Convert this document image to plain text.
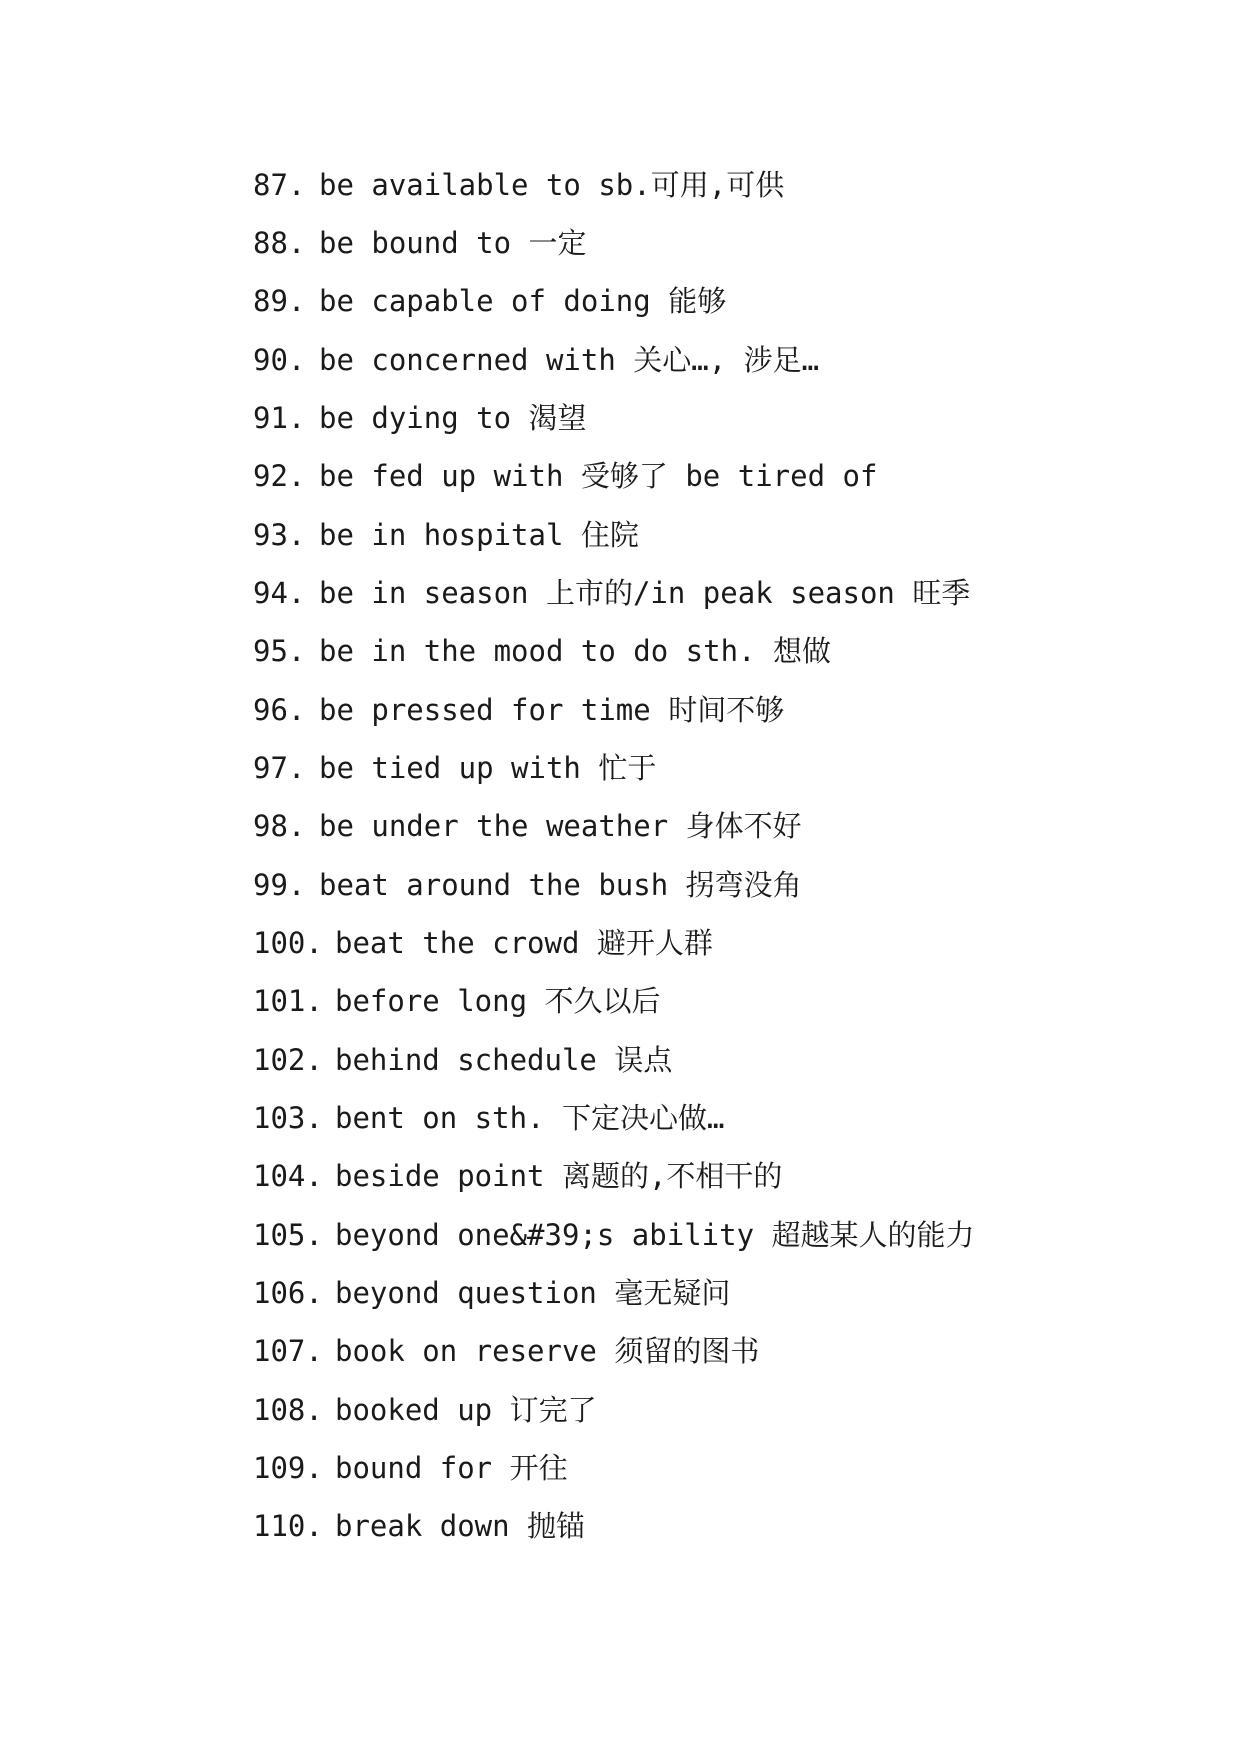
87. be available to sb.可用,可供
88. be bound to 一定
89. be capable of doing 能够
90. be concerned with 关心…, 涉足…
91. be dying to 渴望
92. be fed up with 受够了 be tired of
93. be in hospital 住院
94. be in season 上市的/in peak season 旺季
95. be in the mood to do sth. 想做
96. be pressed for time 时间不够
97. be tied up with 忙于
98. be under the weather 身体不好
99. beat around the bush 拐弯没角
100. beat the crowd 避开人群
101. before long 不久以后
102. behind schedule 误点
103. bent on sth. 下定决心做…
104. beside point 离题的,不相干的
105. beyond one&#39;s ability 超越某人的能力
106. beyond question 毫无疑问
107. book on reserve 须留的图书
108. booked up 订完了
109. bound for 开往
110. break down 抛锚
